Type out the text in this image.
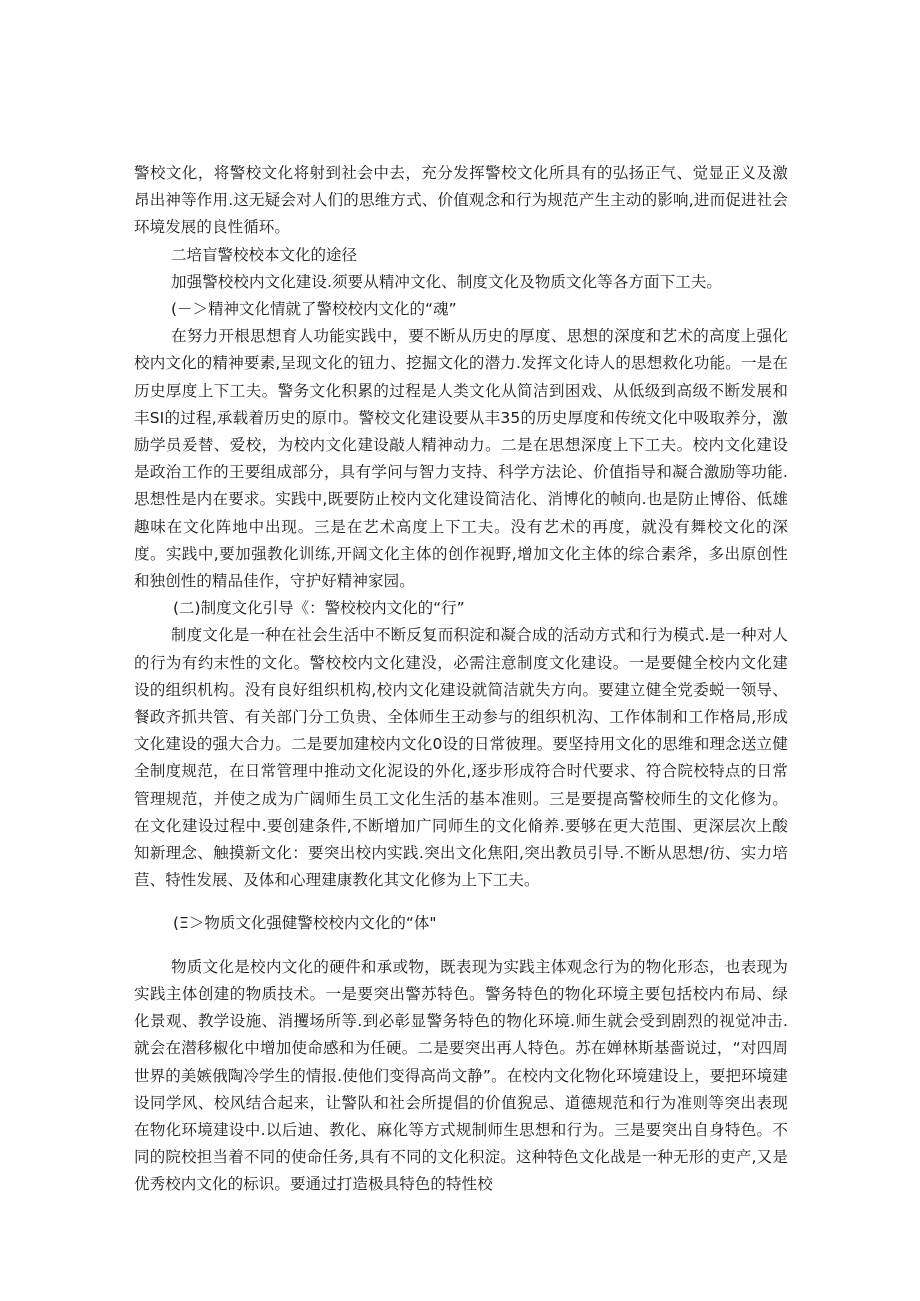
警校文化，将警校文化将射到社会中去，充分发挥警校文化所具有的弘扬正气、觉显正义及激昂出神等作用.这无疑会对人们的思维方式、价值观念和行为规范产生主动的影响,进而促进社会环境发展的良性循环。

二培盲警校校本文化的途径

加强警校校内文化建设.须要从精冲文化、制度文化及物质文化等各方面下工夫。

(－＞精神文化情就了警校校内文化的“魂”

在努力开根思想育人功能实践中，要不断从历史的厚度、思想的深度和艺术的高度上强化校内文化的精神要素,呈现文化的钮力、挖掘文化的潜力.发挥文化诗人的思想救化功能。一是在历史厚度上下工夫。警务文化积累的过程是人类文化从简洁到困戏、从低级到高级不断发展和丰SI的过程,承载着历史的原巾。警校文化建设要从丰35的历史厚度和传统文化中吸取养分，激励学员爰替、爱校，为校内文化建设敲人精神动力。二是在思想深度上下工夫。校内文化建设是政治工作的王要组成部分，具有学问与智力支持、科学方法论、价值指导和凝合激励等功能.思想性是内在要求。实践中,既要防止校内文化建设简洁化、消博化的帧向.也是防止博俗、低雄趣味在文化阵地中出现。三是在艺术高度上下工夫。没有艺术的再度，就没有舞校文化的深度。实践中,要加强教化训练,开阔文化主体的创作视野,增加文化主体的综合素斧，多出原创性和独创性的精品佳作，守护好精神家园。

(二)制度文化引导《：警校校内文化的“行”

制度文化是一种在社会生活中不断反复而积淀和凝合成的活动方式和行为模式.是一种对人的行为有约末性的文化。警校校内文化建没，必需注意制度文化建设。一是要健全校内文化建设的组织机构。没有良好组织机构,校内文化建设就简洁就失方向。要建立健全党委蜕一领导、餐政齐抓共管、有关部门分工负贵、全体师生王动参与的组织机沟、工作体制和工作格局,形成文化建设的强大合力。二是要加建校内文化0设的日常彼理。要坚持用文化的思维和理念送立健全制度规范，在日常管理中推动文化泥设的外化,逐步形成符合时代要求、符合院校特点的日常管理规范，并使之成为广阔师生员工文化生活的基本准则。三是要提高警校师生的文化修为。在文化建设过程中.要创建条件,不断增加广同师生的文化脩养.要够在更大范围、更深层次上酸知新理念、触摸新文化：要突出校内实践.突出文化焦阳,突出教员引导.不断从思想/彷、实力培苣、特性发展、及体和心理建康教化其文化修为上下工夫。

(Ξ＞物质文化强健警校校内文化的“体"

物质文化是校内文化的硬件和承或物，既表现为实践主体观念行为的物化形态，也表现为实践主体创建的物质技术。一是要突出警苏特色。警务特色的物化环境主要包括校内布局、绿化景观、教学设施、消攫场所等.到必彰显警务特色的物化环境.师生就会受到剧烈的视觉冲击.就会在潜移椒化中增加使命感和为任硬。二是要突出再人特色。苏在婵林斯基嗇说过，“对四周世界的美嫉俄陶冷学生的情报.使他们变得高尚文静”。在校内文化物化环境建设上，要把环境建设同学风、校风结合起来，让警队和社会所提倡的价值猊忌、道德规范和行为准则等突出表现在物化环境建设中.以后迪、教化、麻化等方式规制师生思想和行为。三是要突出自身特色。不同的院校担当着不同的使命任务,具有不同的文化积淀。这种特色文化战是一种无形的吏产,又是优秀校内文化的标识。要通过打造极具特色的特性校
